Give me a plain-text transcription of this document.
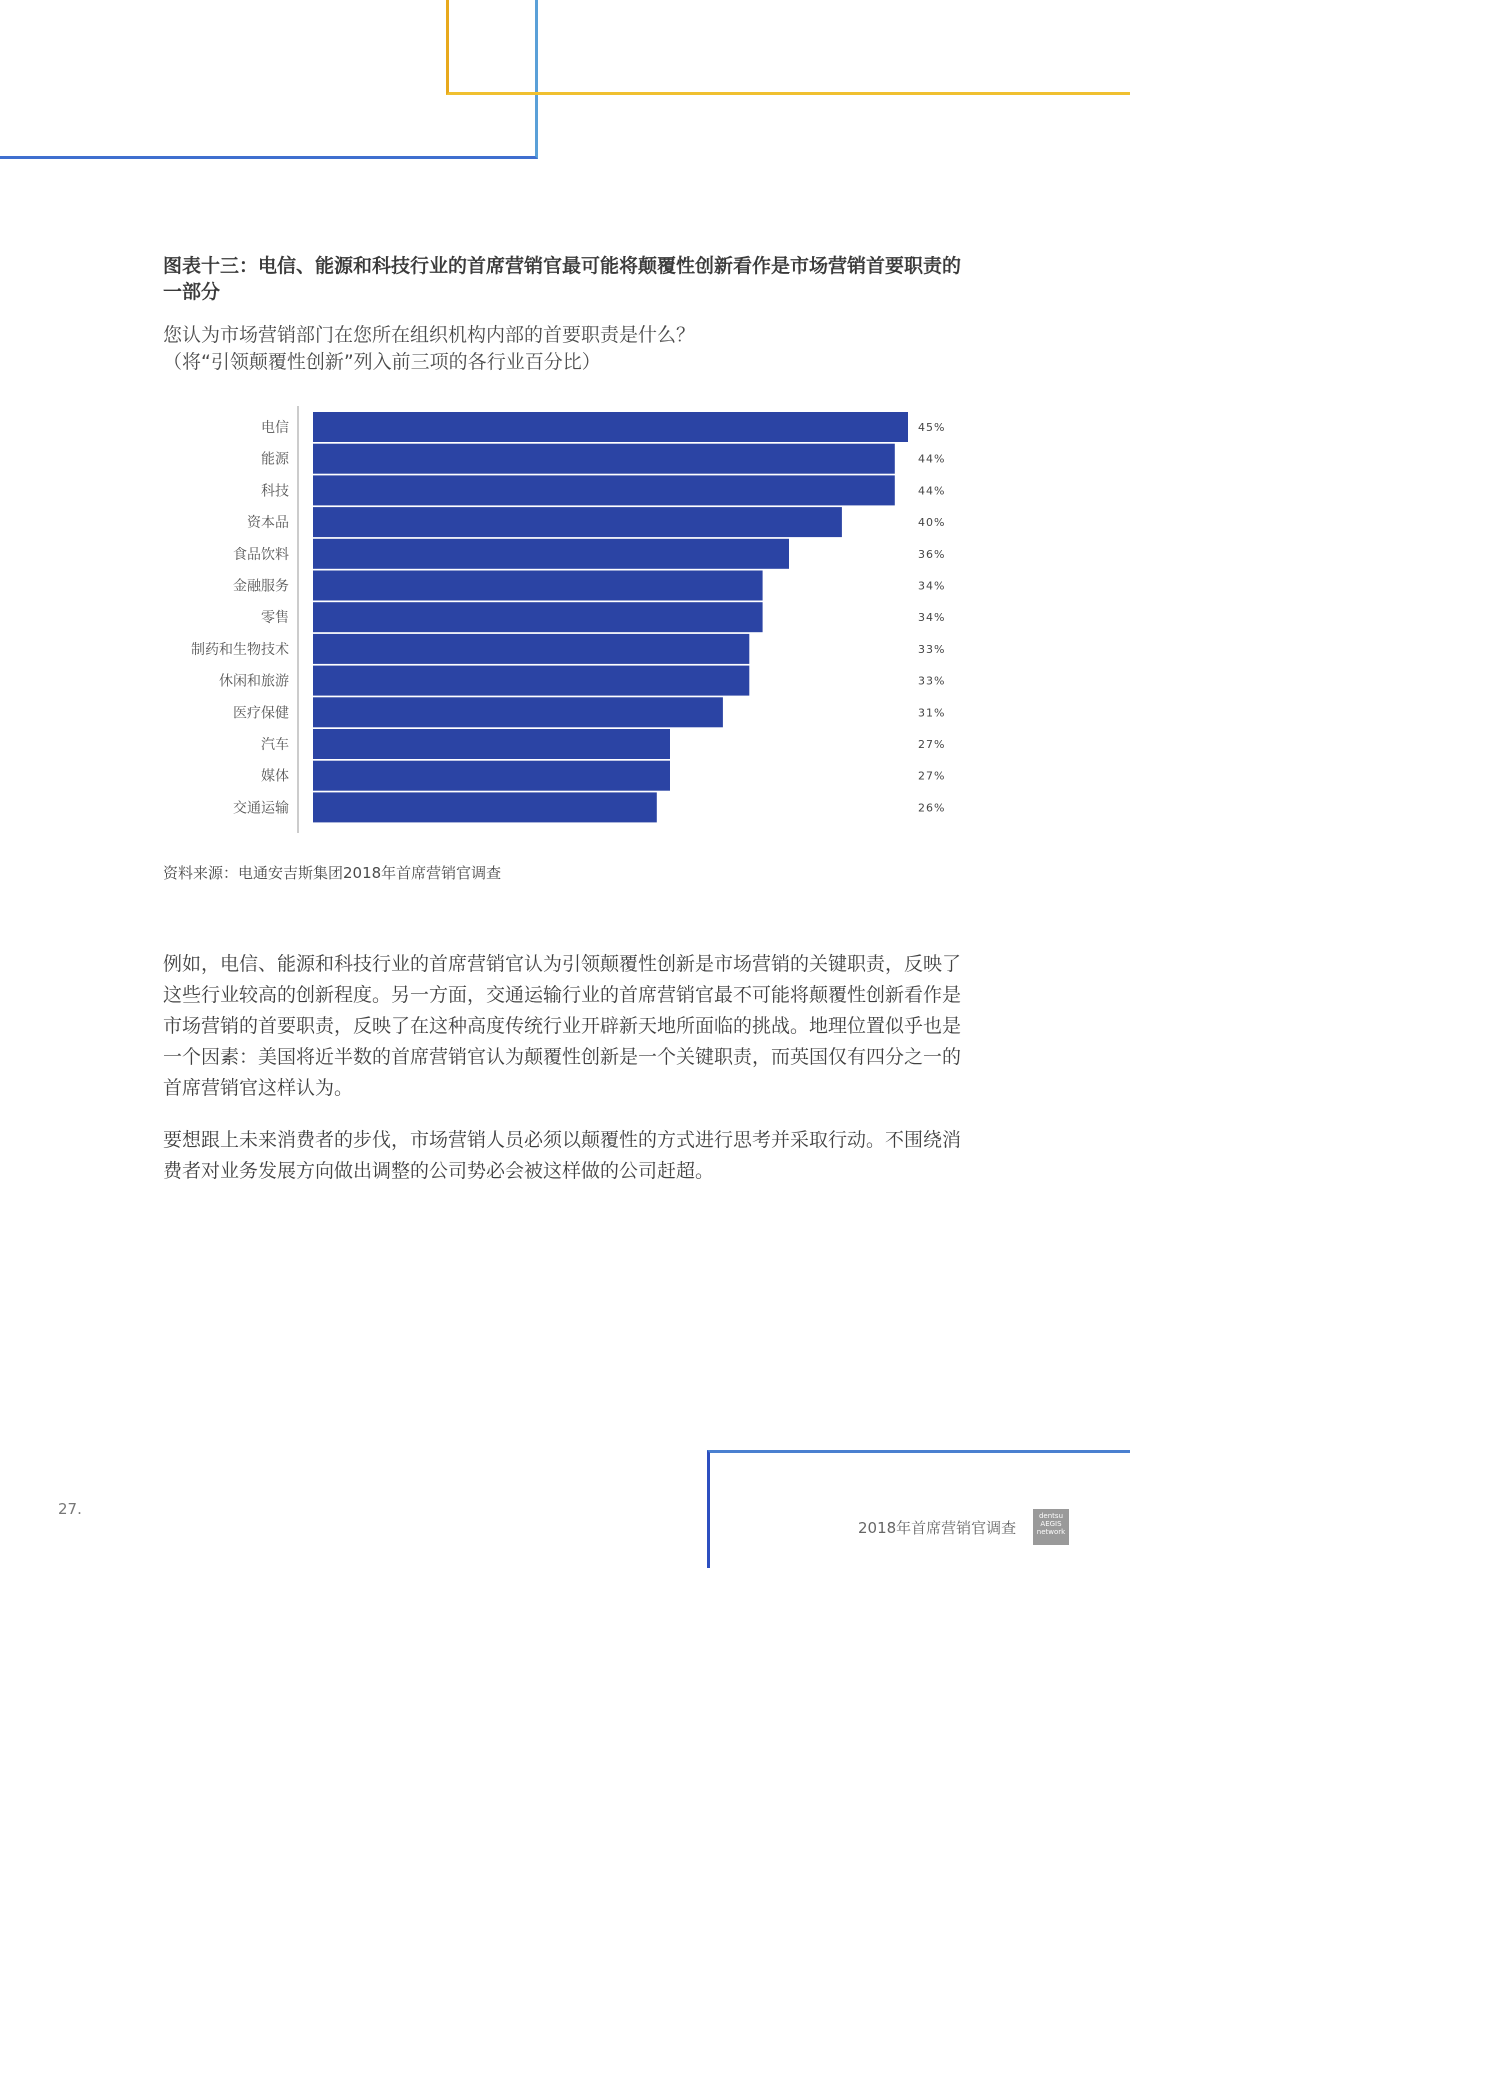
图表十三：电信、能源和科技行业的首席营销官最可能将颠覆性创新看作是市场营销首要职责的一部分
您认为市场营销部门在您所在组织机构内部的首要职责是什么？
（将“引领颠覆性创新”列入前三项的各行业百分比）
电信	45%
能源	44%
科技	44%
资本品	40%
食品饮料	36%
金融服务	34%
零售	34%
制药和生物技术	33%
休闲和旅游	33%
医疗保健	31%
汽车	27%
媒体	27%
交通运输	26%
资料来源：电通安吉斯集团2018年首席营销官调查

例如，电信、能源和科技行业的首席营销官认为引领颠覆性创新是市场营销的关键职责，反映了这些行业较高的创新程度。另一方面，交通运输行业的首席营销官最不可能将颠覆性创新看作是市场营销的首要职责，反映了在这种高度传统行业开辟新天地所面临的挑战。地理位置似乎也是一个因素：美国将近半数的首席营销官认为颠覆性创新是一个关键职责，而英国仅有四分之一的首席营销官这样认为。

要想跟上未来消费者的步伐，市场营销人员必须以颠覆性的方式进行思考并采取行动。不围绕消费者对业务发展方向做出调整的公司势必会被这样做的公司赶超。

27.
2018年首席营销官调查
dentsu
AEGIS
network
